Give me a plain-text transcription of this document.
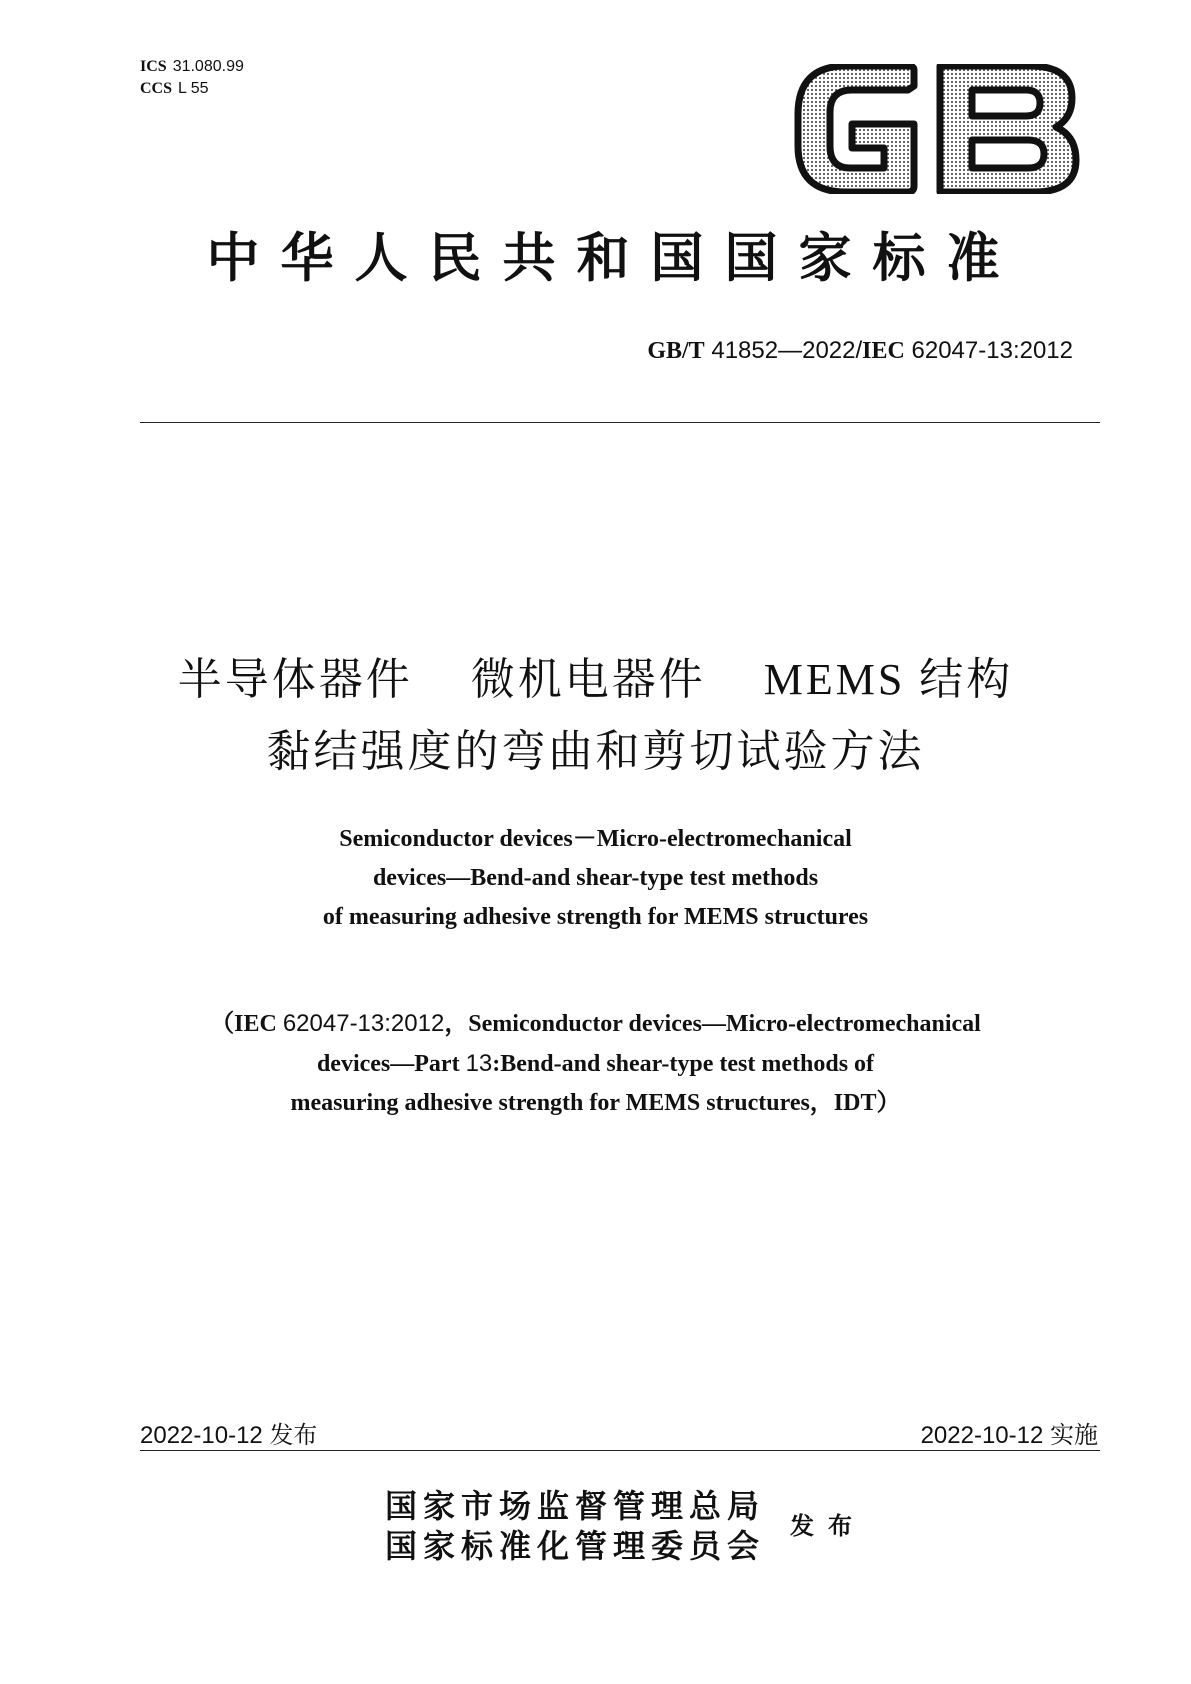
ICS 31.080.99
CCS L 55
GB
中华人民共和国国家标准
GB/T 41852—2022/IEC 62047-13:2012
半导体器件 微机电器件 MEMS 结构
黏结强度的弯曲和剪切试验方法
Semiconductor devices－Micro-electromechanical
devices—Bend-and shear-type test methods
of measuring adhesive strength for MEMS structures
（IEC 62047-13:2012，Semiconductor devices—Micro-electromechanical
devices—Part 13:Bend-and shear-type test methods of
measuring adhesive strength for MEMS structures，IDT）
2022-10-12 发布	2022-10-12 实施
国家市场监督管理总局
国家标准化管理委员会
发布
